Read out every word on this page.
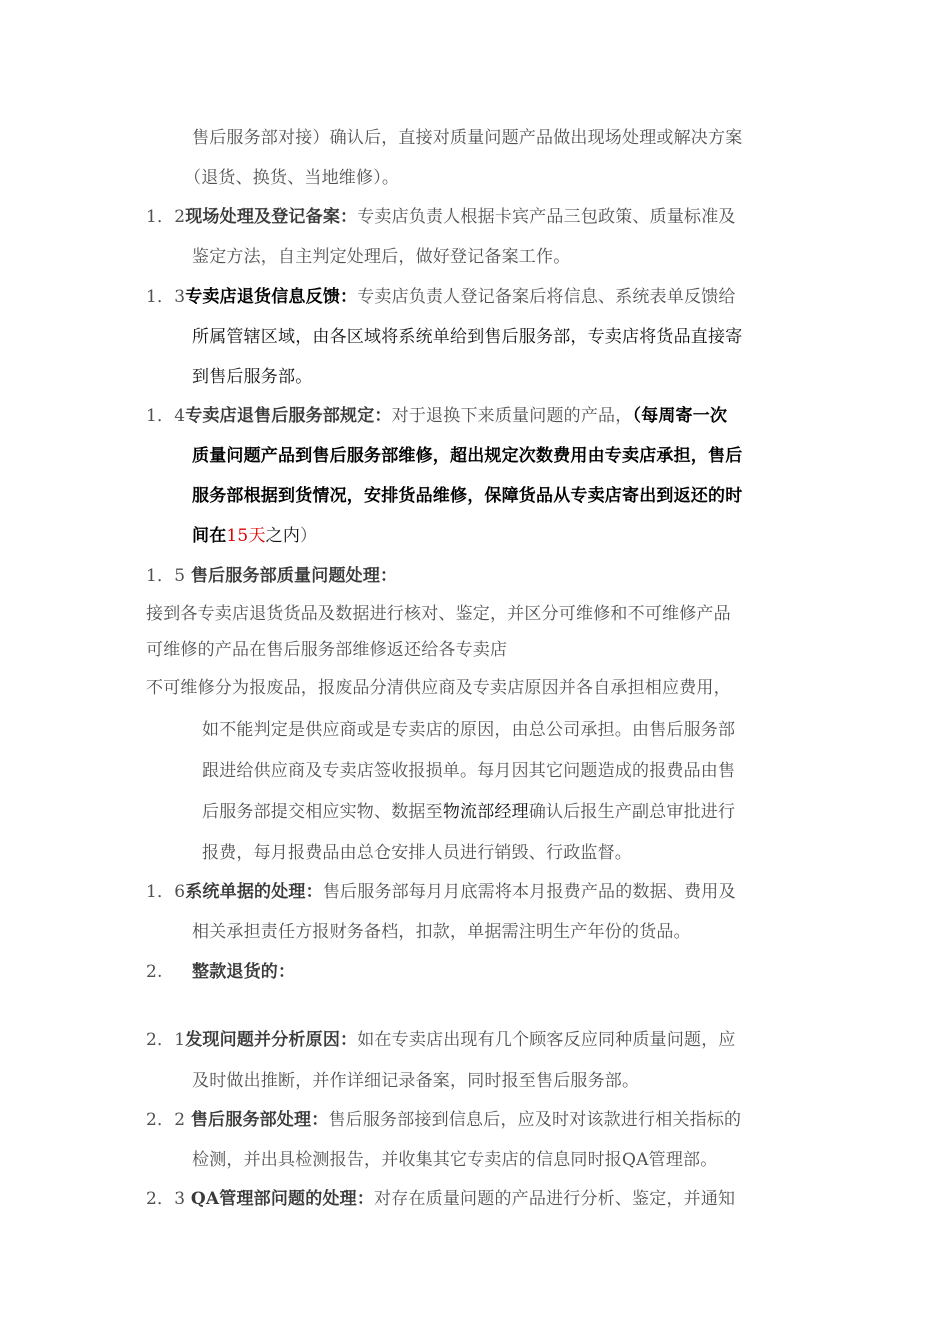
售后服务部对接）确认后，直接对质量问题产品做出现场处理或解决方案
（退货、换货、当地维修）。
1．2现场处理及登记备案：专卖店负责人根据卡宾产品三包政策、质量标准及
鉴定方法，自主判定处理后，做好登记备案工作。
1．3专卖店退货信息反馈：专卖店负责人登记备案后将信息、系统表单反馈给
所属管辖区域，由各区域将系统单给到售后服务部，专卖店将货品直接寄
到售后服务部。
1．4专卖店退售后服务部规定：对于退换下来质量问题的产品，（每周寄一次
质量问题产品到售后服务部维修，超出规定次数费用由专卖店承担，售后
服务部根据到货情况，安排货品维修，保障货品从专卖店寄出到返还的时
间在15天之内）
1．5 售后服务部质量问题处理：
接到各专卖店退货货品及数据进行核对、鉴定，并区分可维修和不可维修产品
可维修的产品在售后服务部维修返还给各专卖店
不可维修分为报废品，报废品分清供应商及专卖店原因并各自承担相应费用，
如不能判定是供应商或是专卖店的原因，由总公司承担。由售后服务部
跟进给供应商及专卖店签收报损单。每月因其它问题造成的报费品由售
后服务部提交相应实物、数据至物流部经理确认后报生产副总审批进行
报费，每月报费品由总仓安排人员进行销毁、行政监督。
1．6系统单据的处理：售后服务部每月月底需将本月报费产品的数据、费用及
相关承担责任方报财务备档，扣款，单据需注明生产年份的货品。
2. 整款退货的：
2．1发现问题并分析原因：如在专卖店出现有几个顾客反应同种质量问题，应
及时做出推断，并作详细记录备案，同时报至售后服务部。
2．2 售后服务部处理：售后服务部接到信息后，应及时对该款进行相关指标的
检测，并出具检测报告，并收集其它专卖店的信息同时报QA管理部。
2．3 QA管理部问题的处理：对存在质量问题的产品进行分析、鉴定，并通知
